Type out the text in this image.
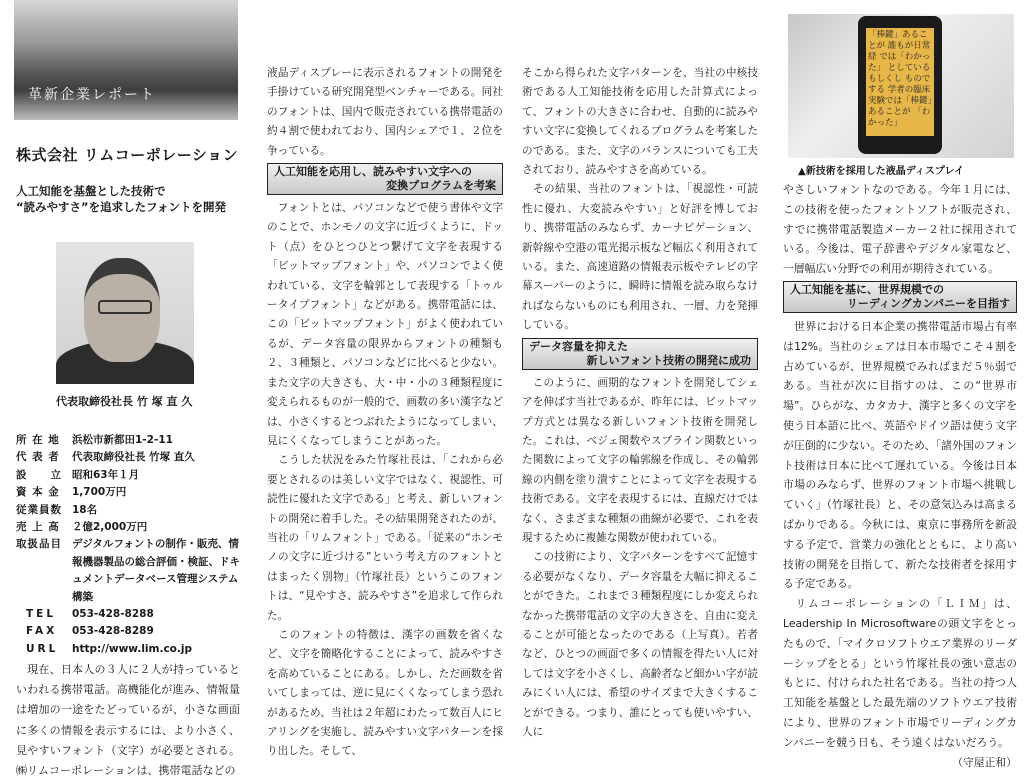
革新企業レポート
株式会社 リムコーポレーション
人工知能を基盤とした技術で
“読みやすさ”を追求したフォントを開発
代表取締役社長 竹 塚 直 久
所 在 地	浜松市新都田1-2-11
代 表 者	代表取締役社長 竹塚 直久
設　　立 昭和63年１月
資 本 金	1,700万円
従業員数 18名
売 上 高	２億2,000万円
取扱品目 デジタルフォントの制作・販売、情報機器製品の総合評価・検証、ドキュメントデータベース管理システム構築
TEL	053-428-8288
FAX	053-428-8289
URL	http://www.lim.co.jp

　現在、日本人の３人に２人が持っているといわれる携帯電話。高機能化が進み、情報量は増加の一途をたどっているが、小さな画面に多くの情報を表示するには、より小さく、見やすいフォント（文字）が必要とされる。㈱リムコーポレーションは、携帯電話などの

液晶ディスプレーに表示されるフォントの開発を手掛けている研究開発型ベンチャーである。同社のフォントは、国内で販売されている携帯電話の約４割で使われており、国内シェアで１、２位を争っている。

人工知能を応用し、読みやすい文字への
変換プログラムを考案

　フォントとは、パソコンなどで使う書体や文字のことで、ホンモノの文字に近づくように、ドット（点）をひとつひとつ繋げて文字を表現する「ビットマップフォント」や、パソコンでよく使われている、文字を輪郭として表現する「トゥルータイプフォント」などがある。携帯電話には、この「ビットマップフォント」がよく使われているが、データ容量の限界からフォントの種類も２、３種類と、パソコンなどに比べると少ない。また文字の大きさも、大・中・小の３種類程度に変えられるものが一般的で、画数の多い漢字などは、小さくするとつぶれたようになってしまい、見にくくなってしまうことがあった。

　こうした状況をみた竹塚社長は、「これから必要とされるのは美しい文字ではなく、視認性、可読性に優れた文字である」と考え、新しいフォントの開発に着手した。その結果開発されたのが、当社の「リムフォント」である。「従来の“ホンモノの文字に近づける”という考え方のフォントとはまったく別物」（竹塚社長）というこのフォントは、“見やすさ、読みやすさ”を追求して作られた。

　このフォントの特徴は、漢字の画数を省くなど、文字を簡略化することによって、読みやすさを高めていることにある。しかし、ただ画数を省いてしまっては、逆に見にくくなってしまう恐れがあるため、当社は２年超にわたって数百人にヒアリングを実施し、読みやすい文字パターンを採り出した。そして、

そこから得られた文字パターンを、当社の中核技術である人工知能技術を応用した計算式によって、フォントの大きさに合わせ、自動的に読みやすい文字に変換してくれるプログラムを考案したのである。また、文字のバランスについても工夫されており、読みやすさを高めている。

　その結果、当社のフォントは、「視認性・可読性に優れ、大変読みやすい」と好評を博しており、携帯電話のみならず、カーナビゲーション、新幹線や空港の電光掲示板など幅広く利用されている。また、高速道路の情報表示板やテレビの字幕スーパーのように、瞬時に情報を読み取らなければならないものにも利用され、一層、力を発揮している。

データ容量を抑えた
新しいフォント技術の開発に成功

　このように、画期的なフォントを開発してシェアを伸ばす当社であるが、昨年には、ビットマップ方式とは異なる新しいフォント技術を開発した。これは、ベジェ関数やスプライン関数といった関数によって文字の輪郭線を作成し、その輪郭線の内側を塗り潰すことによって文字を表現する技術である。文字を表現するには、直線だけではなく、さまざまな種類の曲線が必要で、これを表現するために複雑な関数が使われている。

　この技術により、文字パターンをすべて記憶する必要がなくなり、データ容量を大幅に抑えることができた。これまで３種類程度にしか変えられなかった携帯電話の文字の大きさを、自由に変えることが可能となったのである（上写真）。若者など、ひとつの画面で多くの情報を得たい人に対しては文字を小さくし、高齢者など細かい字が読みにくい人には、希望のサイズまで大きくすることができる。つまり、誰にとっても使いやすい、人に

「棒鍵」あることが 誰もが日常経 では「わかった」 としている もしくし ものでする 学者の臨床実験では「棒鍵」あることが 「わかった」
▲新技術を採用した液晶ディスプレイ

やさしいフォントなのである。今年１月には、この技術を使ったフォントソフトが販売され、すでに携帯電話製造メーカー２社に採用されている。今後は、電子辞書やデジタル家電など、一層幅広い分野での利用が期待されている。

人工知能を基に、世界規模での
リーディングカンパニーを目指す

　世界における日本企業の携帯電話市場占有率は12%。当社のシェアは日本市場でこそ４割を占めているが、世界規模でみればまだ５％弱である。当社が次に目指すのは、この“世界市場”。ひらがな、カタカナ、漢字と多くの文字を使う日本語に比べ、英語やドイツ語は使う文字が圧倒的に少ない。そのため、「諸外国のフォント技術は日本に比べて遅れている。今後は日本市場のみならず、世界のフォント市場へ挑戦していく」（竹塚社長）と、その意気込みは高まるばかりである。今秋には、東京に事務所を新設する予定で、営業力の強化とともに、より高い技術の開発を目指して、新たな技術者を採用する予定である。

　リムコーポレーションの「ＬＩＭ」は、Leadership In Microsoftwareの頭文字をとったもので、「マイクロソフトウエア業界のリーダーシップをとる」という竹塚社長の強い意志のもとに、付けられた社名である。当社の持つ人工知能を基盤とした最先端のソフトウエア技術により、世界のフォント市場でリーディングカンパニーを競う日も、そう遠くはないだろう。

（守屋正和）
